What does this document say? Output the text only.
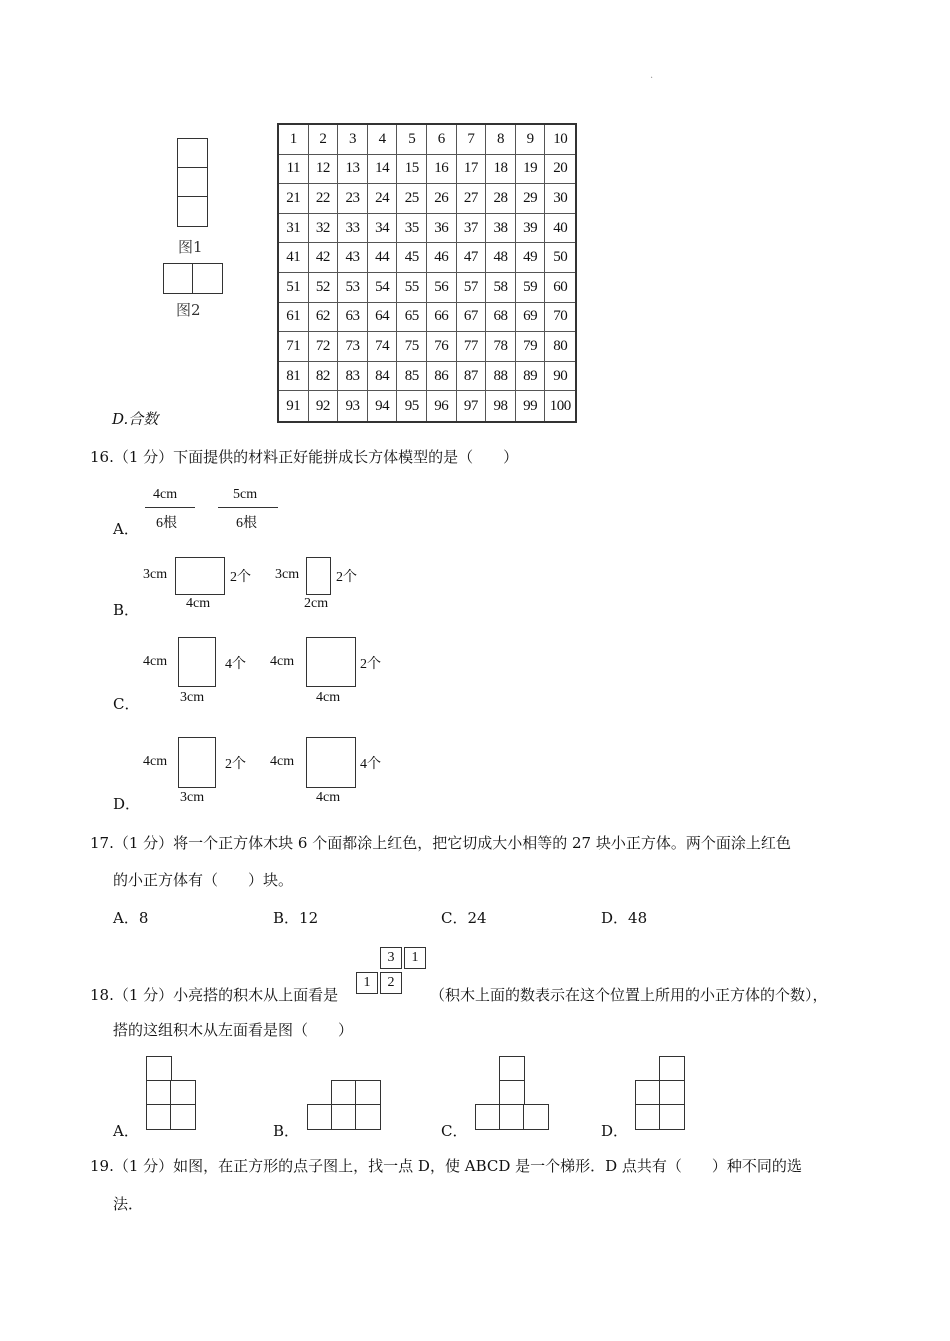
.
图1
图2
1	2	3	4	5	6	7	8	9	10
11	12	13	14	15	16	17	18	19	20
21	22	23	24	25	26	27	28	29	30
31	32	33	34	35	36	37	38	39	40
41	42	43	44	45	46	47	48	49	50
51	52	53	54	55	56	57	58	59	60
61	62	63	64	65	66	67	68	69	70
71	72	73	74	75	76	77	78	79	80
81	82	83	84	85	86	87	88	89	90
91	92	93	94	95	96	97	98	99 100
D.合数
16.（1 分）下面提供的材料正好能拼成长方体模型的是（　　）
A．
4cm
6根
5cm
6根
B．
3cm
4cm
2个 3cm
2cm
2个
C．
4cm
3cm
4个 4cm
4cm
2个
D．
4cm
3cm
2个 4cm
4cm
4个
17.（1 分）将一个正方体木块 6 个面都涂上红色，把它切成大小相等的 27 块小正方体。两个面涂上红色
的小正方体有（　　）块。
A．8	B．12	C．24	D．48
18.（1 分）小亮搭的积木从上面看是
3	1
1	2
（积木上面的数表示在这个位置上所用的小正方体的个数），
搭的这组积木从左面看是图（　　）
A．	B．	C．	D．
19.（1 分）如图，在正方形的点子图上，找一点 D，使 ABCD 是一个梯形．D 点共有（　　）种不同的选
法．
